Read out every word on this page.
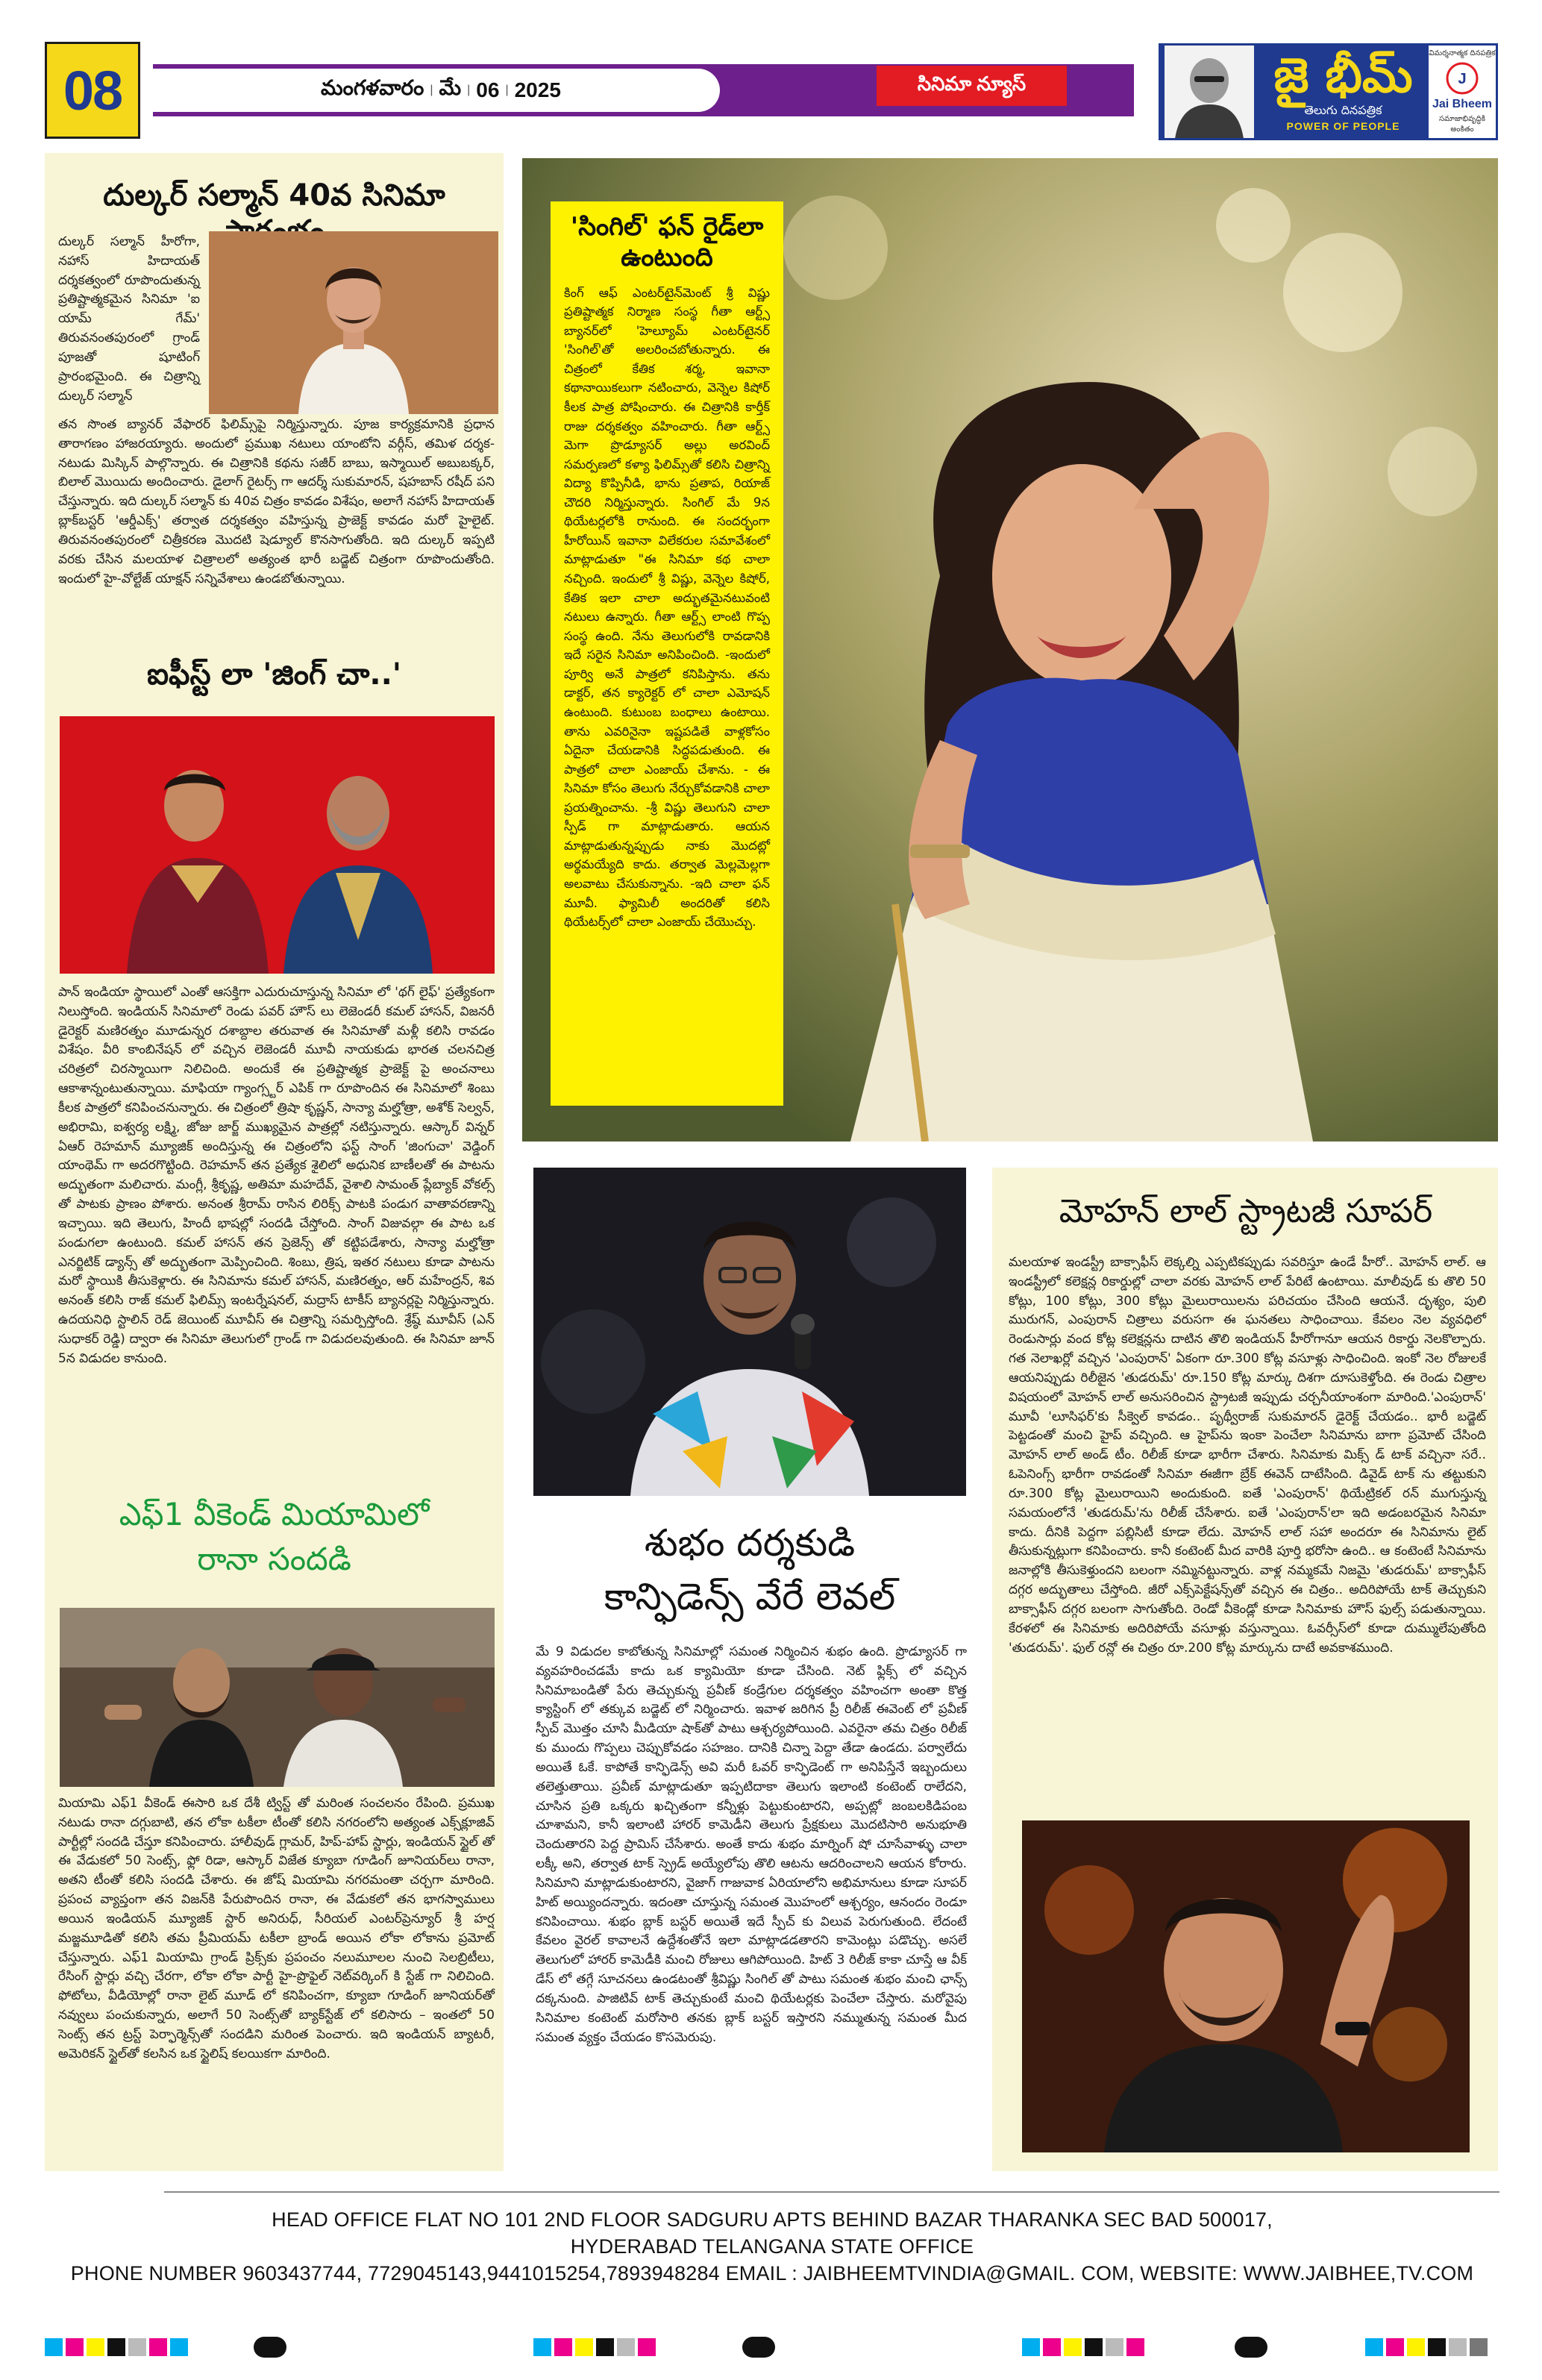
08	మంగళవారం | మే | 06 | 2025	సినిమా న్యూస్	జై భీమ్
తెలుగు దినపత్రిక
POWER OF PEOPLE
విమర్శనాత్మక దినపత్రిక
J
Jai Bheem
సమాజాభివృద్ధికి అంకితం
దుల్కర్ సల్మాన్ 40వ సినిమా
దుల్కర్ సల్మాన్ హీరోగా, నహాస్ హిదాయత్ దర్శకత్వంలో రూపొందుతున్న ప్రతిష్టాత్మకమైన సినిమా 'ఐ యామ్ గేమ్' తిరువనంతపురంలో గ్రాండ్ పూజతో షూటింగ్ ప్రారంభమైంది. ఈ చిత్రాన్ని దుల్కర్ సల్మాన్
తన సొంత బ్యానర్ వేఫారర్ ఫిలిమ్స్‌పై నిర్మిస్తున్నారు. పూజ కార్యక్రమానికి ప్రధాన తారాగణం హాజరయ్యారు. అందులో ప్రముఖ నటులు యాంటోని వర్గీస్, తమిళ దర్శక-నటుడు మిస్కిన్ పాల్గొన్నారు. ఈ చిత్రానికి కథను సజీర్ బాబు, ఇస్మాయిల్ అబుబక్కర్, బిలాల్ మొయిదు అందించారు. డైలాగ్ రైటర్స్ గా ఆదర్శ్ సుకుమారన్, షహబాస్ రషీద్ పని చేస్తున్నారు. ఇది దుల్కర్ సల్మాన్ కు 40వ చిత్రం కావడం విశేషం, అలాగే నహాస్ హిదాయత్ బ్లాక్‌బస్టర్ 'ఆర్డీఎక్స్' తర్వాత దర్శకత్వం వహిస్తున్న ప్రాజెక్ట్ కావడం మరో హైలైట్. తిరువనంతపురంలో చిత్రీకరణ మొదటి షెడ్యూల్ కొనసాగుతోంది. ఇది దుల్కర్ ఇప్పటి వరకు చేసిన మలయాళ చిత్రాలలో అత్యంత భారీ బడ్జెట్ చిత్రంగా రూపొందుతోంది. ఇందులో హై-వోల్టేజ్ యాక్షన్ సన్నివేశాలు ఉండబోతున్నాయి.
ఐఫీస్ట్ లా 'జింగ్ చా..'
పాన్ ఇండియా స్థాయిలో ఎంతో ఆసక్తిగా ఎదురుచూస్తున్న సినిమా లో 'థగ్ లైఫ్' ప్రత్యేకంగా నిలుస్తోంది. ఇండియన్ సినిమాలో రెండు పవర్ హౌస్ లు లెజెండరీ కమల్ హాసన్, విజనరీ డైరెక్టర్ మణిరత్నం మూడున్నర దశాబ్దాల తరువాత ఈ సినిమాతో మళ్లీ కలిసి రావడం విశేషం. వీరి కాంబినేషన్ లో వచ్చిన లెజెండరీ మూవీ నాయకుడు భారత చలనచిత్ర చరిత్రలో చిరస్మాయిగా నిలిచింది. అందుకే ఈ ప్రతిష్టాత్మక ప్రాజెక్ట్ పై అంచనాలు ఆకాశాన్నంటుతున్నాయి. మాఫియా గ్యాంగ్స్టర్ ఎపిక్ గా రూపొందిన ఈ సినిమాలో శింబు కీలక పాత్రలో కనిపించనున్నారు. ఈ చిత్రంలో త్రిషా కృష్ణన్, సాన్యా మల్హోత్రా, అశోక్ సెల్వన్, అభిరామి, ఐశ్వర్య లక్ష్మి, జోజు జార్జ్ ముఖ్యమైన పాత్రల్లో నటిస్తున్నారు. ఆస్కార్ విన్నర్ ఏఆర్ రెహమాన్ మ్యూజిక్ అందిస్తున్న ఈ చిత్రంలోని ఫస్ట్ సాంగ్ 'జింగుచా' వెడ్డింగ్ యాంథెమ్ గా అదరగొట్టింది. రెహమాన్ తన ప్రత్యేక శైలిలో అధునిక బాణీలతో ఈ పాటను అద్భుతంగా మలిచారు. మంగ్లీ, శ్రీకృష్ణ, అతిమా మహదేవ్, వైశాలి సామంత్ ప్లేబ్యాక్ వోకల్స్ తో పాటకు ప్రాణం పోశారు. అనంత శ్రీరామ్ రాసిన లిరిక్స్ పాటకి పండుగ వాతావరణాన్ని ఇచ్చాయి. ఇది తెలుగు, హిందీ భాషల్లో సందడి చేస్తోంది. సాంగ్ విజువల్గా ఈ పాట ఒక పండుగలా ఉంటుంది. కమల్ హాసన్ తన ప్రెజెన్స్ తో కట్టిపడేశారు, సాన్యా మల్హోత్రా ఎనర్జిటిక్ డ్యాన్స్ తో అద్భుతంగా మెప్పించింది. శింబు, త్రిష, ఇతర నటులు కూడా పాటను మరో స్థాయికి తీసుకెళ్లారు. ఈ సినిమాను కమల్ హాసన్, మణిరత్నం, ఆర్ మహేంద్రన్, శివ అనంత్ కలిసి రాజ్ కమల్ ఫిలిమ్స్ ఇంటర్నేషనల్, మద్రాస్ టాకీస్ బ్యానర్లపై నిర్మిస్తున్నారు. ఉదయనిధి స్టాలిన్ రెడ్ జెయింట్ మూవీస్ ఈ చిత్రాన్ని సమర్పిస్తోంది. శ్రేష్ఠ్ మూవీస్ (ఎన్ సుధాకర్ రెడ్డి) ద్వారా ఈ సినిమా తెలుగులో గ్రాండ్ గా విడుదలవుతుంది. ఈ సినిమా జూన్ 5న విడుదల కానుంది.
ఎఫ్1 వీకెండ్ మియామిలో
రానా సందడి
మియామి ఎఫ్1 వీకెండ్ ఈసారి ఒక దేశీ ట్విస్ట్ తో మరింత సంచలనం రేపింది. ప్రముఖ నటుడు రానా దగ్గుబాటి, తన లోకా టకీలా టీంతో కలిసి నగరంలోని అత్యంత ఎక్స్‌క్లూజివ్ పార్టీల్లో సందడి చేస్తూ కనిపించారు. హాలీవుడ్ గ్లామర్, హిప్-హాప్ స్టార్లు, ఇండియన్ స్టైల్ తో ఈ వేడుకలో 50 సెంట్స్, ఫ్లో రిడా, ఆస్కార్ విజేత క్యూబా గూడింగ్ జూనియర్‌లు రానా, అతని టీంతో కలిసి సందడి చేశారు. ఈ జోష్ మియామి నగరమంతా చర్చగా మారింది. ప్రపంచ వ్యాప్తంగా తన విజన్‌కి పేరుపొందిన రానా, ఈ వేడుకలో తన భాగస్వాములు అయిన ఇండియన్ మ్యూజిక్ స్టార్ అనిరుధ్, సీరియల్ ఎంటర్‌ప్రెన్యూర్ శ్రీ హర్ష మజ్జమూడితో కలిసి తమ ప్రీమియమ్ టకీలా బ్రాండ్ అయిన లోకా లోకాను ప్రమోట్ చేస్తున్నారు. ఎఫ్1 మియామి గ్రాండ్ ప్రిక్స్‌కు ప్రపంచం నలుమూలల నుంచి సెలబ్రిటీలు, రేసింగ్ స్టార్లు వచ్చి చేరగా, లోకా లోకా పార్టీ హై-ప్రొఫైల్ నెట్‌వర్కింగ్ కి స్టేజ్ గా నిలిచింది. ఫోటోలు, వీడియోల్లో రానా లైట్ మూడ్ లో కనిపించగా, క్యూబా గూడింగ్ జూనియర్‌తో నవ్వులు పంచుకున్నారు, అలాగే 50 సెంట్స్‌తో బ్యాక్‌స్టేజ్ లో కలిసారు – ఇంతలో 50 సెంట్స్ తన ట్రస్ట్ పెర్ఫార్మెన్స్‌తో సందడిని మరింత పెంచారు. ఇది ఇండియన్ బ్యాటరీ, అమెరికన్ స్టైల్‌తో కలసిన ఒక స్టైలిష్ కలయికగా మారింది.
'సింగిల్' ఫన్ రైడ్‌లా
ఉంటుంది
కింగ్ ఆఫ్ ఎంటర్‌టైన్‌మెంట్ శ్రీ విష్ణు ప్రతిష్టాత్మక నిర్మాణ సంస్థ గీతా ఆర్ట్స్ బ్యానర్‌లో 'హెల్యూమ్ ఎంటర్‌టైనర్ 'సింగిల్'తో అలరించబోతున్నారు. ఈ చిత్రంలో కేతిక శర్మ, ఇవానా కథానాయికలుగా నటించారు, వెన్నెల కిషోర్ కీలక పాత్ర పోషించారు. ఈ చిత్రానికి కార్తీక్ రాజు దర్శకత్వం వహించారు. గీతా ఆర్ట్స్ మెగా ప్రొడ్యూసర్ అల్లు అరవింద్ సమర్పణలో కళ్యా ఫిలిమ్స్‌తో కలిసి చిత్రాన్ని విద్యా కొప్పినీడి, భాను ప్రతాప, రియాజ్ చౌదరి నిర్మిస్తున్నారు. సింగిల్ మే 9న థియేటర్లలోకి రానుంది. ఈ సందర్భంగా హీరోయిన్ ఇవానా విలేకరుల సమావేశంలో మాట్లాడుతూ "ఈ సినిమా కథ చాలా నచ్చింది. ఇందులో శ్రీ విష్ణు, వెన్నెల కిషోర్, కేతిక ఇలా చాలా అద్భుతమైనటువంటి నటులు ఉన్నారు. గీతా ఆర్ట్స్ లాంటి గొప్ప సంస్థ ఉంది. నేను తెలుగులోకి రావడానికి ఇదే సరైన సినిమా అనిపించింది. -ఇందులో పూర్వి అనే పాత్రలో కనిపిస్తాను. తను డాక్టర్, తన క్యారెక్టర్ లో చాలా ఎమోషన్ ఉంటుంది. కుటుంబ బంధాలు ఉంటాయి. తాను ఎవరినైనా ఇష్టపడితే వాళ్లకోసం ఏదైనా చేయడానికి సిద్ధపడుతుంది. ఈ పాత్రలో చాలా ఎంజాయ్ చేశాను. - ఈ సినిమా కోసం తెలుగు నేర్చుకోవడానికి చాలా ప్రయత్నించాను. -శ్రీ విష్ణు తెలుగుని చాలా స్పీడ్ గా మాట్లాడుతారు. ఆయన మాట్లాడుతున్నప్పుడు నాకు మొదట్లో అర్థమయ్యేది కాదు. తర్వాత మెల్లమెల్లగా అలవాటు చేసుకున్నాను. -ఇది చాలా ఫన్ మూవీ. ఫ్యామిలీ అందరితో కలిసి థియేటర్స్‌లో చాలా ఎంజాయ్ చేయొచ్చు.
శుభం దర్శకుడి
కాన్ఫిడెన్స్ వేరే లెవల్
మే 9 విడుదల కాబోతున్న సినిమాల్లో సమంత నిర్మించిన శుభం ఉంది. ప్రొడ్యూసర్ గా వ్యవహరించడమే కాదు ఒక క్యామియో కూడా చేసింది. నెట్ ఫ్లిక్స్ లో వచ్చిన సినిమాబండితో పేరు తెచ్చుకున్న ప్రవీణ్ కండ్రేగుల దర్శకత్వం వహించగా అంతా కొత్త క్యాస్టింగ్ లో తక్కువ బడ్జెట్ లో నిర్మించారు. ఇవాళ జరిగిన ప్రీ రిలీజ్ ఈవెంట్ లో ప్రవీణ్ స్పీచ్ మొత్తం చూసి మీడియా షాక్‌తో పాటు ఆశ్చర్యపోయింది. ఎవరైనా తమ చిత్రం రిలీజ్ కు ముందు గొప్పలు చెప్పుకోవడం సహజం. దానికి చిన్నా పెద్దా తేడా ఉండదు. పర్వాలేదు అయితే ఓకే. కాపోతే కాన్ఫిడెన్స్ అవి మరీ ఓవర్ కాన్ఫిడెంట్ గా అనిపిస్తేనే ఇబ్బందులు తలెత్తుతాయి. ప్రవీణ్ మాట్లాడుతూ ఇప్పటిదాకా తెలుగు ఇలాంటి కంటెంట్ రాలేదని, చూసిన ప్రతి ఒక్కరు ఖచ్చితంగా కన్నీళ్లు పెట్టుకుంటారని, అప్పట్లో జంబలకిడిపంబ చూశామని, కానీ ఇలాంటి హారర్ కామెడీని తెలుగు ప్రేక్షకులు మొదటిసారి అనుభూతి చెందుతారని పెద్ద ప్రామిస్ చేసేశారు. అంతే కాదు శుభం మార్నింగ్ షో చూసేవాళ్ళు చాలా లక్కీ అని, తర్వాత టాక్ స్ప్రెడ్ అయ్యేలోపు తొలి ఆటను ఆదరించాలని ఆయన కోరారు. సినిమాని మాట్లాడుకుంటారని, వైజాగ్ గాజువాక ఏరియాలోని అభిమానులు కూడా సూపర్ హిట్ అయ్యిందన్నారు. ఇదంతా చూస్తున్న సమంత మొహంలో ఆశ్చర్యం, ఆనందం రెండూ కనిపించాయి. శుభం బ్లాక్ బస్టర్ అయితే ఇదే స్పీచ్ కు విలువ పెరుగుతుంది. లేదంటే కేవలం వైరల్ కావాలనే ఉద్దేశంతోనే ఇలా మాట్లాడడతారని కామెంట్లు పడొచ్చు. అసలే తెలుగులో హారర్ కామెడీకి మంచి రోజులు ఆగిపోయింది. హిట్ 3 రిలీజ్ కాకా చూస్తే ఆ వీక్ డేస్ లో తగ్గే సూచనలు ఉండటంతో శ్రీవిష్ణు సింగిల్ తో పాటు సమంత శుభం మంచి ఛాన్స్ దక్కనుంది. పాజిటివ్ టాక్ తెచ్చుకుంటే మంచి థియేటర్లకు పెంచేలా చేస్తారు. మరోవైపు సినిమాల కంటెంట్ మరోసారి తనకు బ్లాక్ బస్టర్ ఇస్తారని నమ్ముతున్న సమంత మీద సమంత వ్యక్తం చేయడం కొసమెరుపు.
మోహన్ లాల్ స్ట్రాటజీ సూపర్
మలయాళ ఇండస్ట్రీ బాక్సాఫీస్ లెక్కల్ని ఎప్పటికప్పుడు సవరిస్తూ ఉండే హీరో.. మోహన్ లాల్. ఆ ఇండస్ట్రీలో కలెక్షన్ల రికార్డుల్లో చాలా వరకు మోహన్ లాల్ పేరిటే ఉంటాయి. మాలీవుడ్ కు తొలి 50 కోట్లు, 100 కోట్లు, 300 కోట్లు మైలురాయిలను పరిచయం చేసింది ఆయనే. దృశ్యం, పులి మురుగన్, ఎంపురాన్ చిత్రాలు వరుసగా ఈ ఘనతలు సాధించాయి. కేవలం నెల వ్యవధిలో రెండుసార్లు వంద కోట్ల కలెక్షన్లను దాటిన తొలి ఇండియన్ హీరోగానూ ఆయన రికార్డు నెలకొల్పారు. గత నెలాఖర్లో వచ్చిన 'ఎంపురాన్' ఏకంగా రూ.300 కోట్ల వసూళ్లు సాధించింది. ఇంకో నెల రోజులకే ఆయనిప్పుడు రిలీజైన 'తుడరుమ్' రూ.150 కోట్ల మార్కు దిశగా దూసుకెళ్తోంది. ఈ రెండు చిత్రాల విషయంలో మోహన్ లాల్ అనుసరించిన స్ట్రాటజీ ఇప్పుడు చర్చనీయాంశంగా మారింది.'ఎంపురాన్' మూవీ 'లూసిఫర్'కు సీక్వెల్ కావడం.. పృథ్వీరాజ్ సుకుమారన్ డైరెక్ట్ చేయడం.. భారీ బడ్జెట్ పెట్టడంతో మంచి హైప్ వచ్చింది. ఆ హైప్‌ను ఇంకా పెంచేలా సినిమాను బాగా ప్రమోట్ చేసింది మోహన్ లాల్ అండ్ టీం. రిలీజ్ కూడా భారీగా చేశారు. సినిమాకు మిక్స్ డ్ టాక్ వచ్చినా సరే.. ఓపెనింగ్స్ భారీగా రావడంతో సినిమా ఈజీగా బ్రేక్ ఈవెన్ దాటేసింది. డివైడ్ టాక్ ను తట్టుకుని రూ.300 కోట్ల మైలురాయిని అందుకుంది. ఐతే 'ఎంపురాన్' థియేట్రికల్ రన్ ముగుస్తున్న సమయంలోనే 'తుడరుమ్'ను రిలీజ్ చేసేశారు. ఐతే 'ఎంపురాన్'లా ఇది అడంబరమైన సినిమా కాదు. దీనికి పెద్దగా పబ్లిసిటీ కూడా లేదు. మోహన్ లాల్ సహా అందరూ ఈ సినిమాను లైట్ తీసుకున్నట్లుగా కనిపించారు. కానీ కంటెంట్ మీద వారికి పూర్తి భరోసా ఉంది.. ఆ కంటెంటే సినిమాను జనాల్లోకి తీసుకెళ్తుందని బలంగా నమ్మినట్టున్నారు. వాళ్ల నమ్మకమే నిజమై 'తుడరుమ్' బాక్సాఫీస్ దగ్గర అద్భుతాలు చేస్తోంది. జీరో ఎక్స్‌పెక్టేషన్స్‌తో వచ్చిన ఈ చిత్రం.. అదిరిపోయే టాక్ తెచ్చుకుని బాక్సాఫీస్ దగ్గర బలంగా సాగుతోంది. రెండో వీకెండ్లో కూడా సినిమాకు హౌస్ ఫుల్స్ పడుతున్నాయి. కేరళలో ఈ సినిమాకు అదిరిపోయే వసూళ్లు వస్తున్నాయి. ఓవర్సీస్‌లో కూడా దుమ్ములేపుతోంది 'తుడరుమ్'. ఫుల్ రన్లో ఈ చిత్రం రూ.200 కోట్ల మార్కును దాటే అవకాశముంది.
HEAD OFFICE FLAT NO 101 2ND FLOOR SADGURU APTS BEHIND BAZAR THARANKA SEC BAD 500017,
HYDERABAD TELANGANA STATE OFFICE
PHONE NUMBER 9603437744, 7729045143,9441015254,7893948284 EMAIL : JAIBHEEMTVINDIA@GMAIL. COM, WEBSITE: WWW.JAIBHEE,TV.COM
